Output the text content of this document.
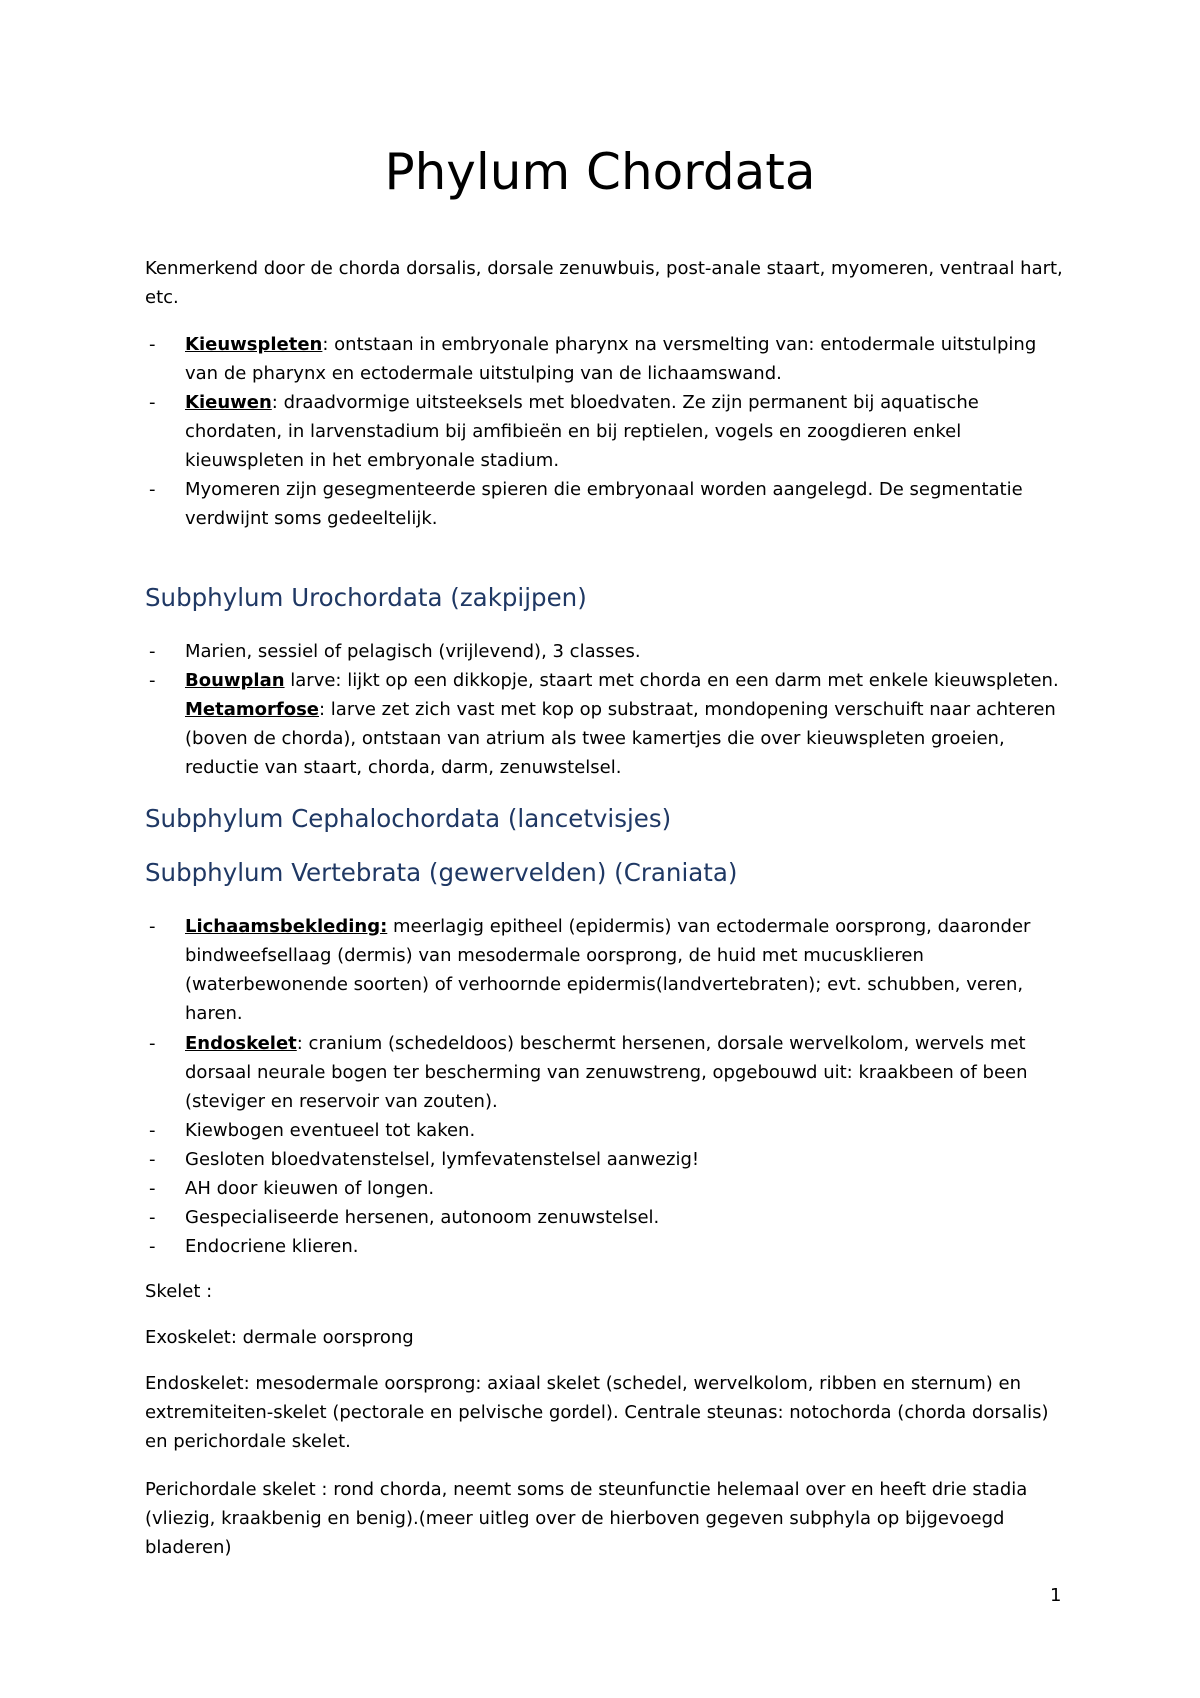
Phylum Chordata

Kenmerkend door de chorda dorsalis, dorsale zenuwbuis, post-anale staart, myomeren, ventraal hart, etc.

- Kieuwspleten: ontstaan in embryonale pharynx na versmelting van: entodermale uitstulping van de pharynx en ectodermale uitstulping van de lichaamswand.

- Kieuwen: draadvormige uitsteeksels met bloedvaten. Ze zijn permanent bij aquatische chordaten, in larvenstadium bij amfibieën en bij reptielen, vogels en zoogdieren enkel kieuwspleten in het embryonale stadium.

- Myomeren zijn gesegmenteerde spieren die embryonaal worden aangelegd. De segmentatie verdwijnt soms gedeeltelijk.

Subphylum Urochordata (zakpijpen)

- Marien, sessiel of pelagisch (vrijlevend), 3 classes.

- Bouwplan larve: lijkt op een dikkopje, staart met chorda en een darm met enkele kieuwspleten. Metamorfose: larve zet zich vast met kop op substraat, mondopening verschuift naar achteren (boven de chorda), ontstaan van atrium als twee kamertjes die over kieuwspleten groeien, reductie van staart, chorda, darm, zenuwstelsel.

Subphylum Cephalochordata (lancetvisjes)
Subphylum Vertebrata (gewervelden) (Craniata)

- Lichaamsbekleding: meerlagig epitheel (epidermis) van ectodermale oorsprong, daaronder bindweefsellaag (dermis) van mesodermale oorsprong, de huid met mucusklieren (waterbewonende soorten) of verhoornde epidermis(landvertebraten); evt. schubben, veren, haren.

- Endoskelet: cranium (schedeldoos) beschermt hersenen, dorsale wervelkolom, wervels met dorsaal neurale bogen ter bescherming van zenuwstreng, opgebouwd uit: kraakbeen of been (steviger en reservoir van zouten).

- Kiewbogen eventueel tot kaken.

- Gesloten bloedvatenstelsel, lymfevatenstelsel aanwezig!

- AH door kieuwen of longen.

- Gespecialiseerde hersenen, autonoom zenuwstelsel.

- Endocriene klieren.

Skelet :

Exoskelet: dermale oorsprong

Endoskelet: mesodermale oorsprong: axiaal skelet (schedel, wervelkolom, ribben en sternum) en extremiteiten-skelet (pectorale en pelvische gordel). Centrale steunas: notochorda (chorda dorsalis) en perichordale skelet.

Perichordale skelet : rond chorda, neemt soms de steunfunctie helemaal over en heeft drie stadia (vliezig, kraakbenig en benig).(meer uitleg over de hierboven gegeven subphyla op bijgevoegd bladeren)

1
